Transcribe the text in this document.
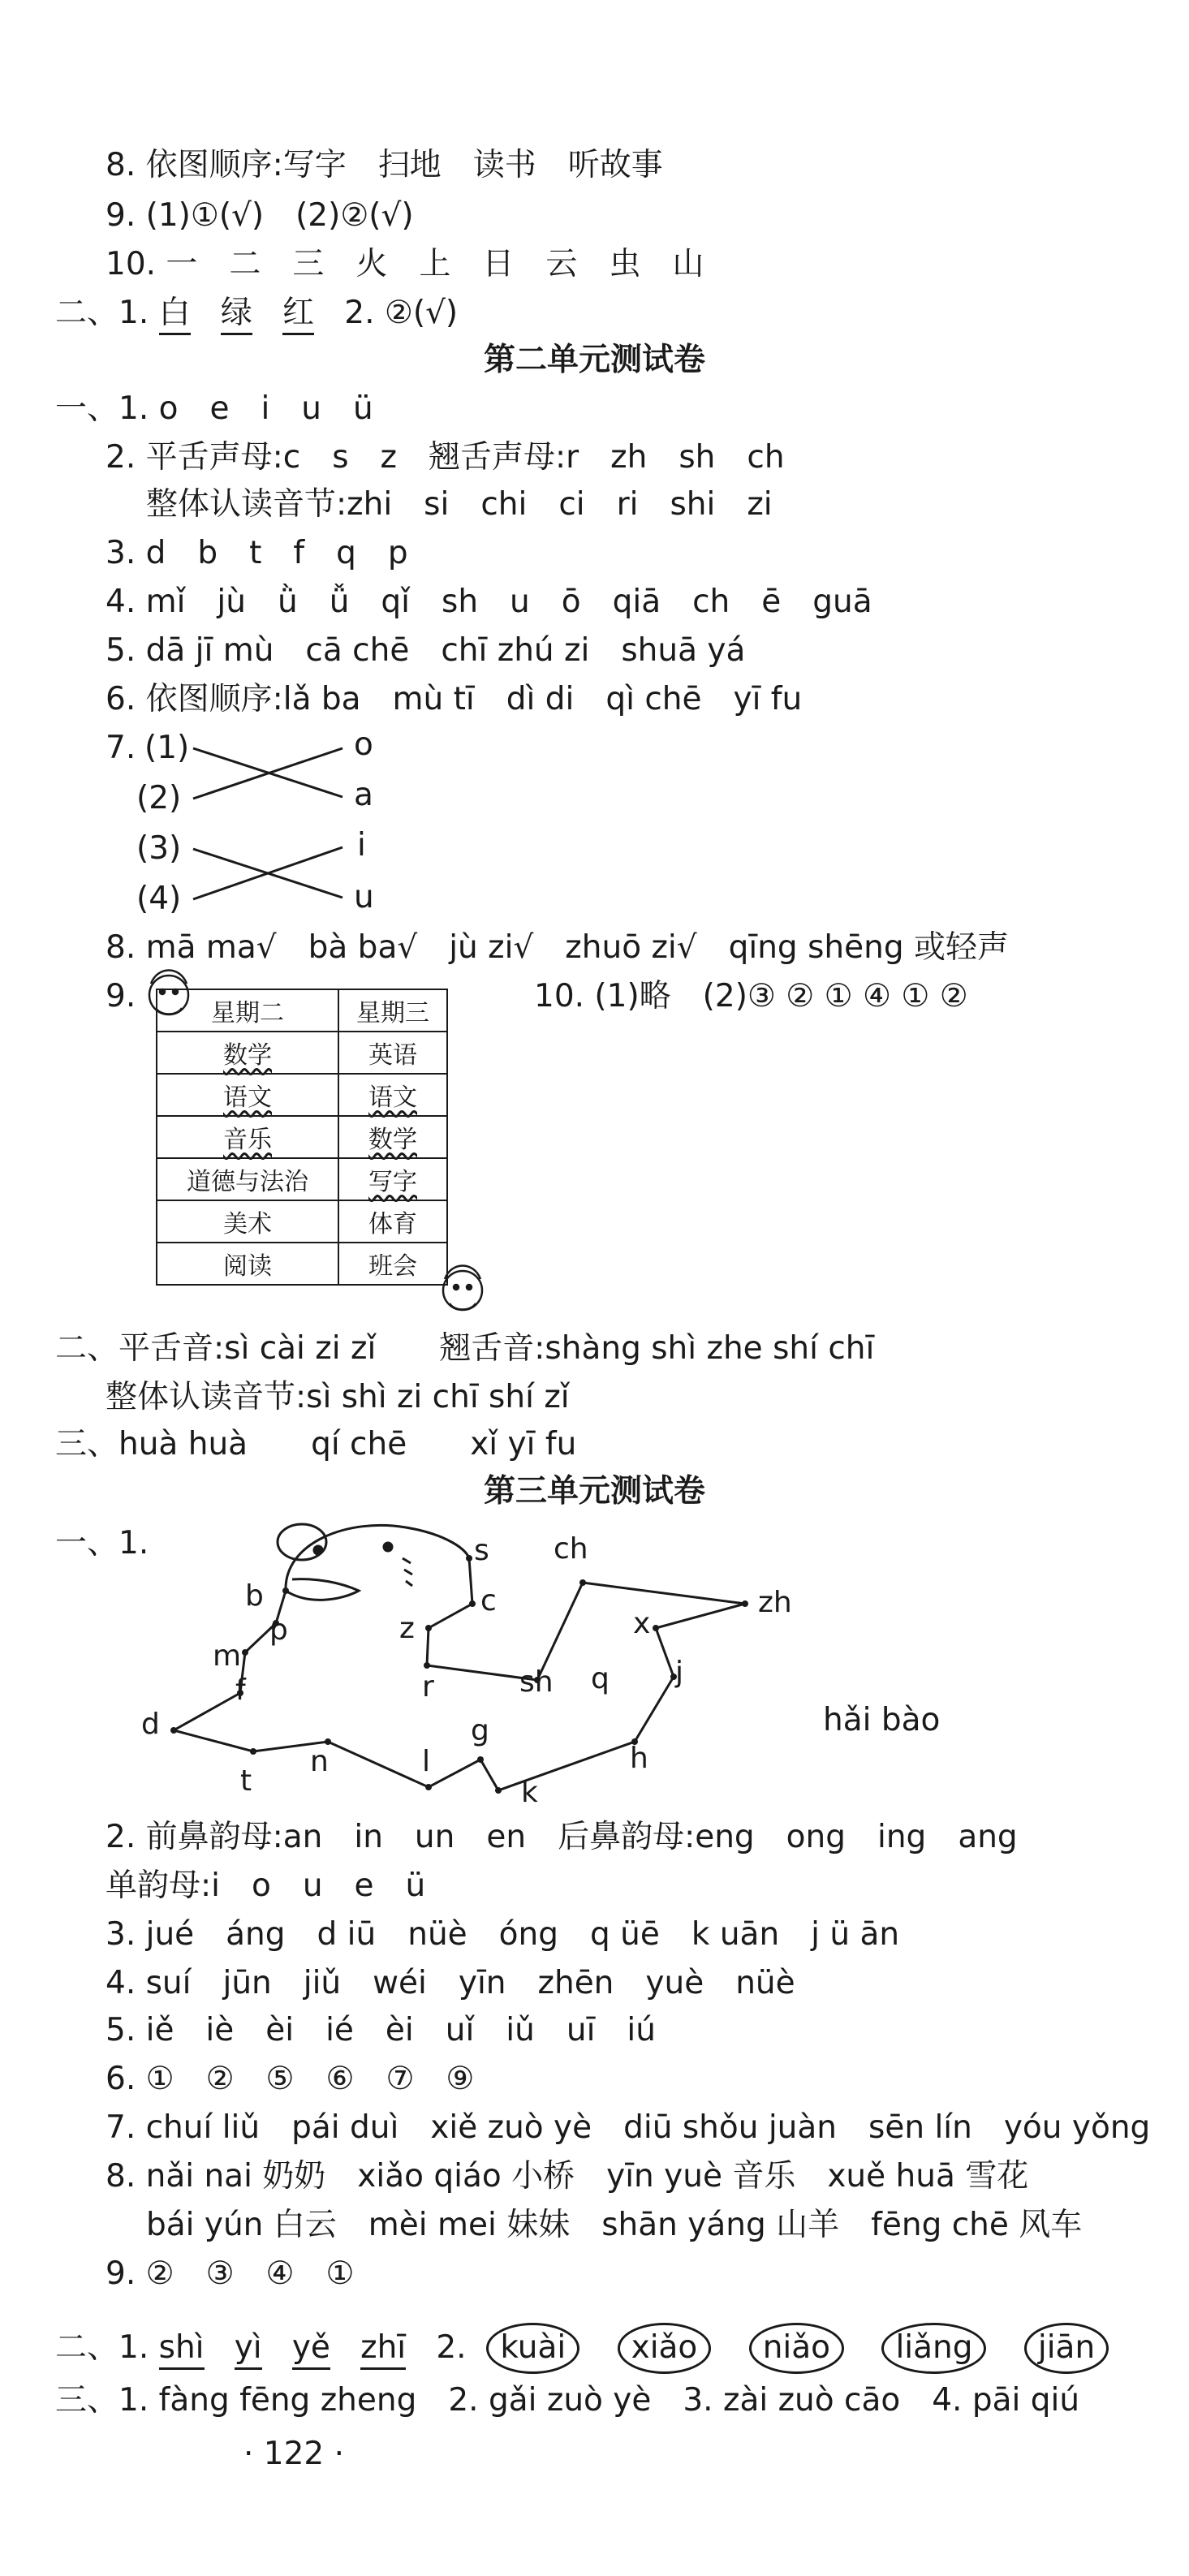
8. 依图顺序:写字　扫地　读书　听故事
9. (1)①(√)　(2)②(√)
10. 一　二　三　火　上　日　云　虫　山
二、1. 白 绿 红 2. ②(√)
第二单元测试卷
一、1. o　e　i　u　ü
2. 平舌声母:c　s　z　翘舌声母:r　zh　sh　ch
整体认读音节:zhi　si　chi　ci　ri　shi　zi
3. d　b　t　f　q　p
4. mǐ　jù　ǜ　ǚ　qǐ　sh　u　ō　qiā　ch　ē　guā
5. dā jī mù　cā chē　chī zhú zi　shuā yá
6. 依图顺序:lǎ ba　mù tī　dì di　qì chē　yī fu
7. (1)
(2)
(3)
(4)
o
a
i
u
8. mā ma√　bà ba√　jù zi√　zhuō zi√　qīng shēng 或轻声
9.	星期二	星期三
数学	英语
语文	语文
音乐	数学
道德与法治	写字
美术	体育
阅读	班会
10. (1)略　(2)③ ② ① ④ ① ②
二、平舌音:sì cài zi zǐ　　翘舌音:shàng shì zhe shí chī
整体认读音节:sì shì zi chī shí zǐ
三、huà huà　　qí chē　　xǐ yī fu
第三单元测试卷
一、1.	s ch
b
p
c
z	x
zh
m
r	sh q j
f
d	g
h
n	l
t	k
hǎi bào
2. 前鼻韵母:an　in　un　en　后鼻韵母:eng　ong　ing　ang
单韵母:i　o　u　e　ü
3. jué　áng　d iū　nüè　óng　q üē　k uān　j ü ān
4. suí　jūn　jiǔ　wéi　yīn　zhēn　yuè　nüè
5. iě　iè　èi　ié　èi　uǐ　iǔ　uī　iú
6. ①　②　⑤　⑥　⑦　⑨
7. chuí liǔ　pái duì　xiě zuò yè　diū shǒu juàn　sēn lín　yóu yǒng
8. nǎi nai 奶奶　xiǎo qiáo 小桥　yīn yuè 音乐　xuě huā 雪花
bái yún 白云　mèi mei 妹妹　shān yáng 山羊　fēng chē 风车
9. ②　③　④　①
二、1. shì yì yě zhī 2. kuài xiǎo niǎo liǎng jiān
三、1. fàng fēng zheng　2. gǎi zuò yè　3. zài zuò cāo　4. pāi qiú
· 122 ·
